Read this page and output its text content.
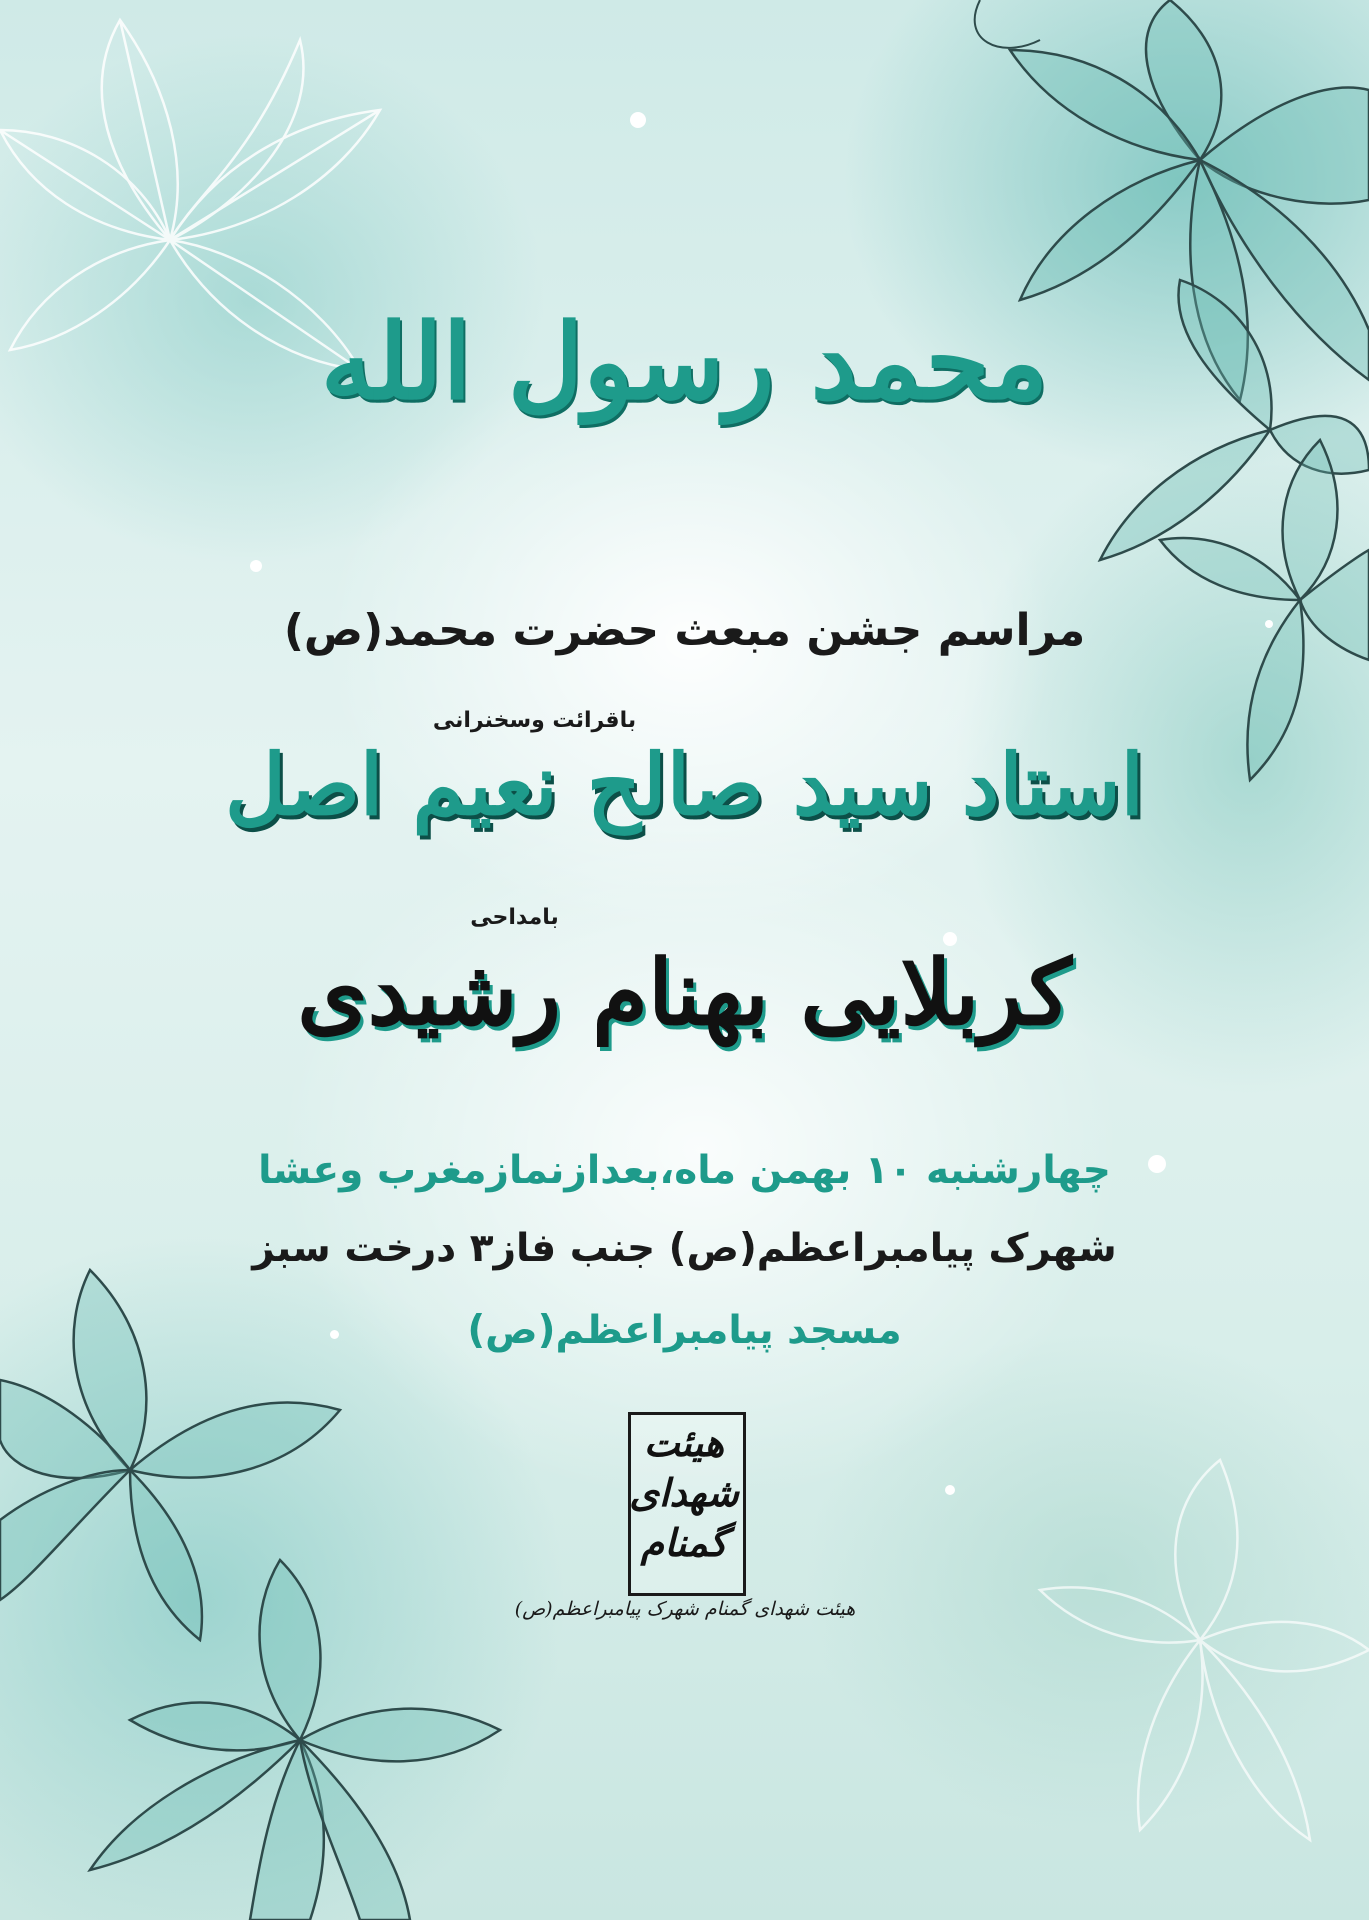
محمد رسول الله

مراسم جشن مبعث حضرت محمد(ص)

باقرائت وسخنرانی

استاد سید صالح نعیم اصل

بامداحی

کربلایی بهنام رشیدی

چهارشنبه ۱۰ بهمن ماه،بعدازنمازمغرب وعشا

شهرک پیامبراعظم(ص) جنب فاز۳ درخت سبز

مسجد پیامبراعظم(ص)

هیئت
شهدای
گمنام
هیئت شهدای گمنام شهرک پیامبراعظم(ص)
